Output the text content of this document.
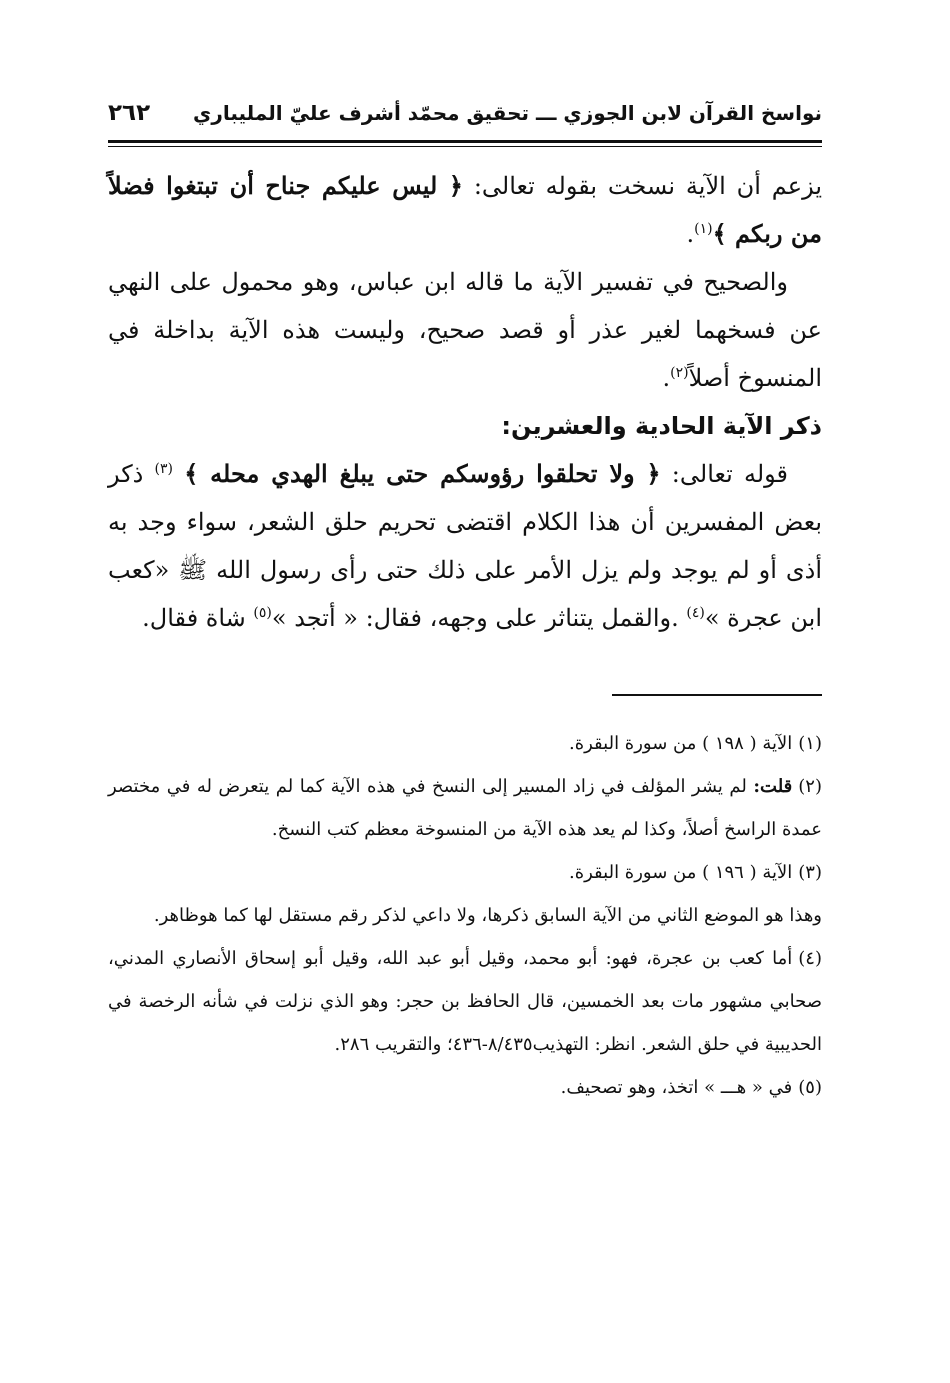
نواسخ القرآن لابن الجوزي ـــ تحقيق محمّد أشرف عليّ المليباري
٢٦٢

يزعم أن الآية نسخت بقوله تعالى: ﴿ ليس عليكم جناح أن تبتغوا فضلاً من ربكم ﴾$^{(١)}$.

والصحيح في تفسير الآية ما قاله ابن عباس، وهو محمول على النهي عن فسخهما لغير عذر أو قصد صحيح، وليست هذه الآية بداخلة في المنسوخ أصلاً$^{(٢)}$.

ذكر الآية الحادية والعشرين:

قوله تعالى: ﴿ ولا تحلقوا رؤوسكم حتى يبلغ الهدي محله ﴾ $^{(٣)}$ ذكر بعض المفسرين أن هذا الكلام اقتضى تحريم حلق الشعر، سواء وجد به أذى أو لم يوجد ولم يزل الأمر على ذلك حتى رأى رسول الله ﷺ «كعب ابن عجرة »$^{(٤)}$ .والقمل يتناثر على وجهه، فقال: « أتجد »$^{(٥)}$ شاة فقال.

(١)الآية ( ١٩٨ ) من سورة البقرة.

(٢)قلت: لم يشر المؤلف في زاد المسير إلى النسخ في هذه الآية كما لم يتعرض له في مختصر عمدة الراسخ أصلاً، وكذا لم يعد هذه الآية من المنسوخة معظم كتب النسخ.

(٣)الآية ( ١٩٦ ) من سورة البقرة.

وهذا هو الموضع الثاني من الآية السابق ذكرها، ولا داعي لذكر رقم مستقل لها كما هوظاهر.

(٤)أما كعب بن عجرة، فهو: أبو محمد، وقيل أبو عبد الله، وقيل أبو إسحاق الأنصاري المدني، صحابي مشهور مات بعد الخمسين، قال الحافظ بن حجر: وهو الذي نزلت في شأنه الرخصة في الحديبية في حلق الشعر. انظر: التهذيب٨/٤٣٥-٤٣٦؛ والتقريب ٢٨٦.

(٥)في « هـــ » اتخذ، وهو تصحيف.
